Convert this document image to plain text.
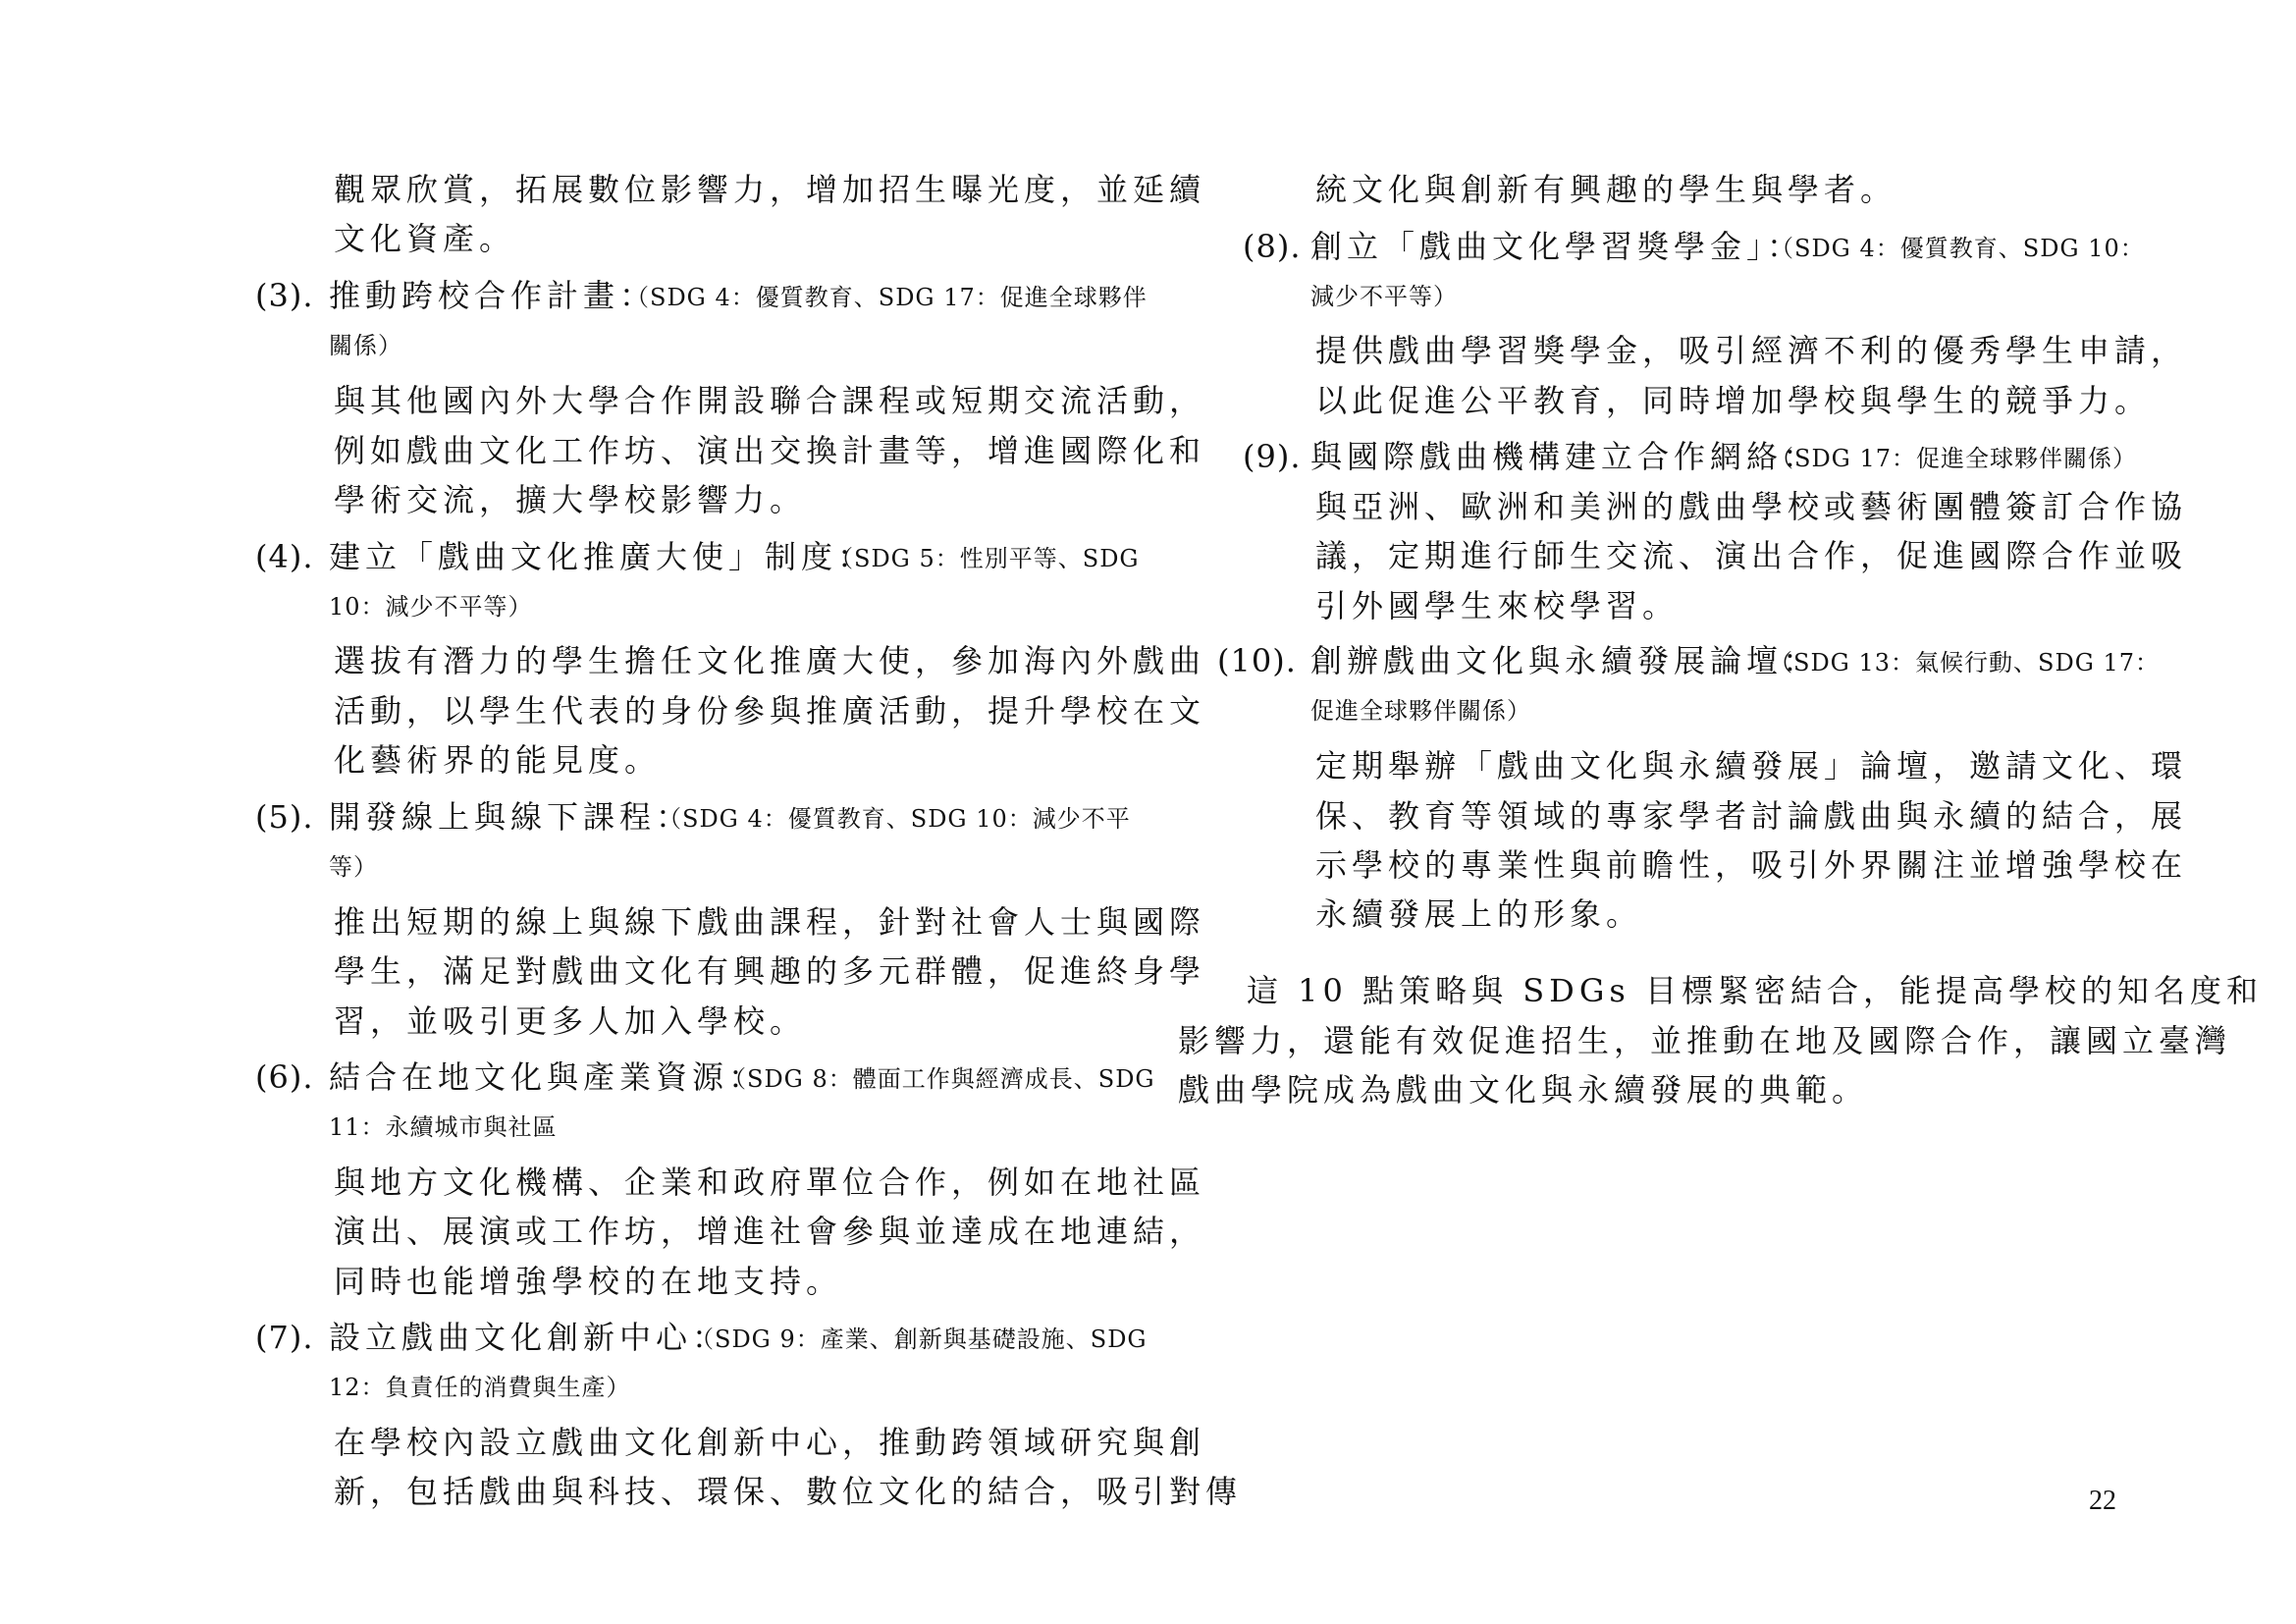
觀眾欣賞，拓展數位影響力，增加招生曝光度，並延續
文化資產。
(3). 推動跨校合作計畫：
（SDG 4：優質教育、SDG 17：促進全球夥伴
關係）
與其他國內外大學合作開設聯合課程或短期交流活動，
例如戲曲文化工作坊、演出交換計畫等，增進國際化和
學術交流，擴大學校影響力。
(4). 建立「戲曲文化推廣大使」制度：
（SDG 5：性別平等、SDG
10：減少不平等）
選拔有潛力的學生擔任文化推廣大使，參加海內外戲曲
活動，以學生代表的身份參與推廣活動，提升學校在文
化藝術界的能見度。
(5). 開發線上與線下課程：
（SDG 4：優質教育、SDG 10：減少不平
等）
推出短期的線上與線下戲曲課程，針對社會人士與國際
學生，滿足對戲曲文化有興趣的多元群體，促進終身學
習，並吸引更多人加入學校。
(6). 結合在地文化與產業資源：
（SDG 8：體面工作與經濟成長、SDG
11：永續城市與社區
與地方文化機構、企業和政府單位合作，例如在地社區
演出、展演或工作坊，增進社會參與並達成在地連結，
同時也能增強學校的在地支持。
(7). 設立戲曲文化創新中心：
（SDG 9：產業、創新與基礎設施、SDG
12：負責任的消費與生產）
在學校內設立戲曲文化創新中心，推動跨領域研究與創
新，包括戲曲與科技、環保、數位文化的結合，吸引對傳
統文化與創新有興趣的學生與學者。
(8). 創立「戲曲文化學習獎學金」：
（SDG 4：優質教育、SDG 10：
減少不平等）
提供戲曲學習獎學金，吸引經濟不利的優秀學生申請，
以此促進公平教育，同時增加學校與學生的競爭力。
(9). 與國際戲曲機構建立合作網絡：
（SDG 17：促進全球夥伴關係）
與亞洲、歐洲和美洲的戲曲學校或藝術團體簽訂合作協
議，定期進行師生交流、演出合作，促進國際合作並吸
引外國學生來校學習。
(10). 創辦戲曲文化與永續發展論壇：
（SDG 13：氣候行動、SDG 17：
促進全球夥伴關係）
定期舉辦「戲曲文化與永續發展」論壇，邀請文化、環
保、教育等領域的專家學者討論戲曲與永續的結合，展
示學校的專業性與前瞻性，吸引外界關注並增強學校在
永續發展上的形象。
這 10 點策略與 SDGs 目標緊密結合，能提高學校的知名度和
影響力，還能有效促進招生，並推動在地及國際合作，讓國立臺灣
戲曲學院成為戲曲文化與永續發展的典範。
22
